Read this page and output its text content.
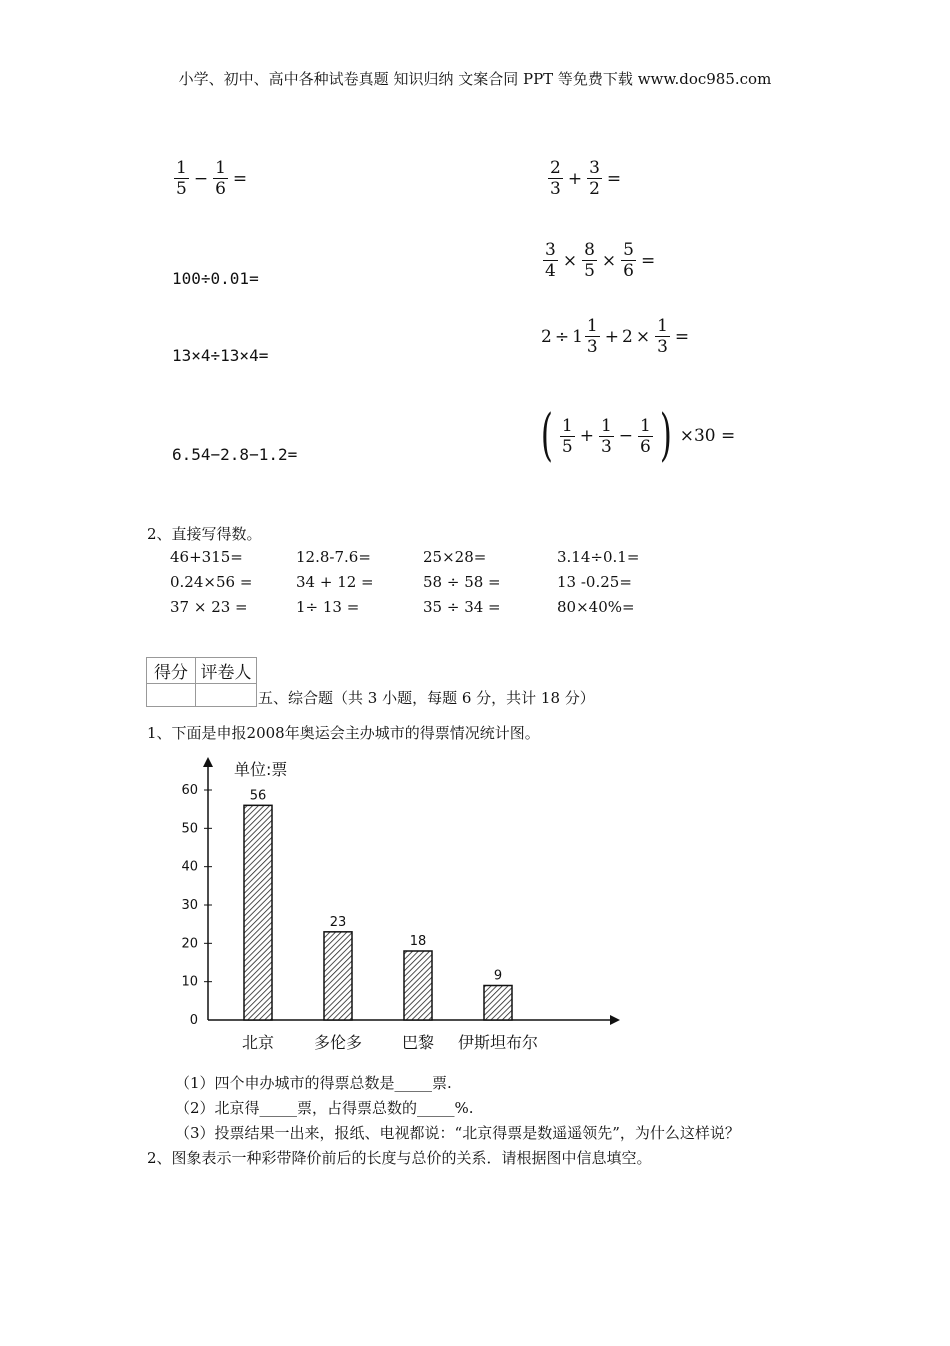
小学、初中、高中各种试卷真题 知识归纳 文案合同 PPT 等免费下载 www.doc985.com
$\frac{1}{5} - \frac{1}{6}$ =
100÷0.01=
13×4÷13×4=
6.54−2.8−1.2=
$\frac{2}{3} + \frac{3}{2}$ =
$\frac{3}{4} \times \frac{8}{5} \times \frac{5}{6}$ =
$2 \div 1 \frac{1}{3} + 2 \times \frac{1}{3}$ =
( $\frac{1}{5} + \frac{1}{3} - \frac{1}{6}$ ) ×30 =
2、直接写得数。
46+315=	12.8-7.6=	25×28=	3.14÷0.1=
0.24×56 =	34 + 12 =	58 ÷ 58 =	13 -0.25=
37 × 23 =	1÷ 13 =	35 ÷ 34 =	80×40%=
得分	评卷人

五、综合题（共 3 小题，每题 6 分，共计 18 分）
1、下面是申报2008年奥运会主办城市的得票情况统计图。
单位:票
0
10
20
30
40
50
60	56
北京
23
多伦多
18
巴黎
9
伊斯坦布尔
（1）四个申办城市的得票总数是_____票.
（2）北京得_____票，占得票总数的_____%.
（3）投票结果一出来，报纸、电视都说：“北京得票是数遥遥领先”，为什么这样说？
2、图象表示一种彩带降价前后的长度与总价的关系．请根据图中信息填空。
